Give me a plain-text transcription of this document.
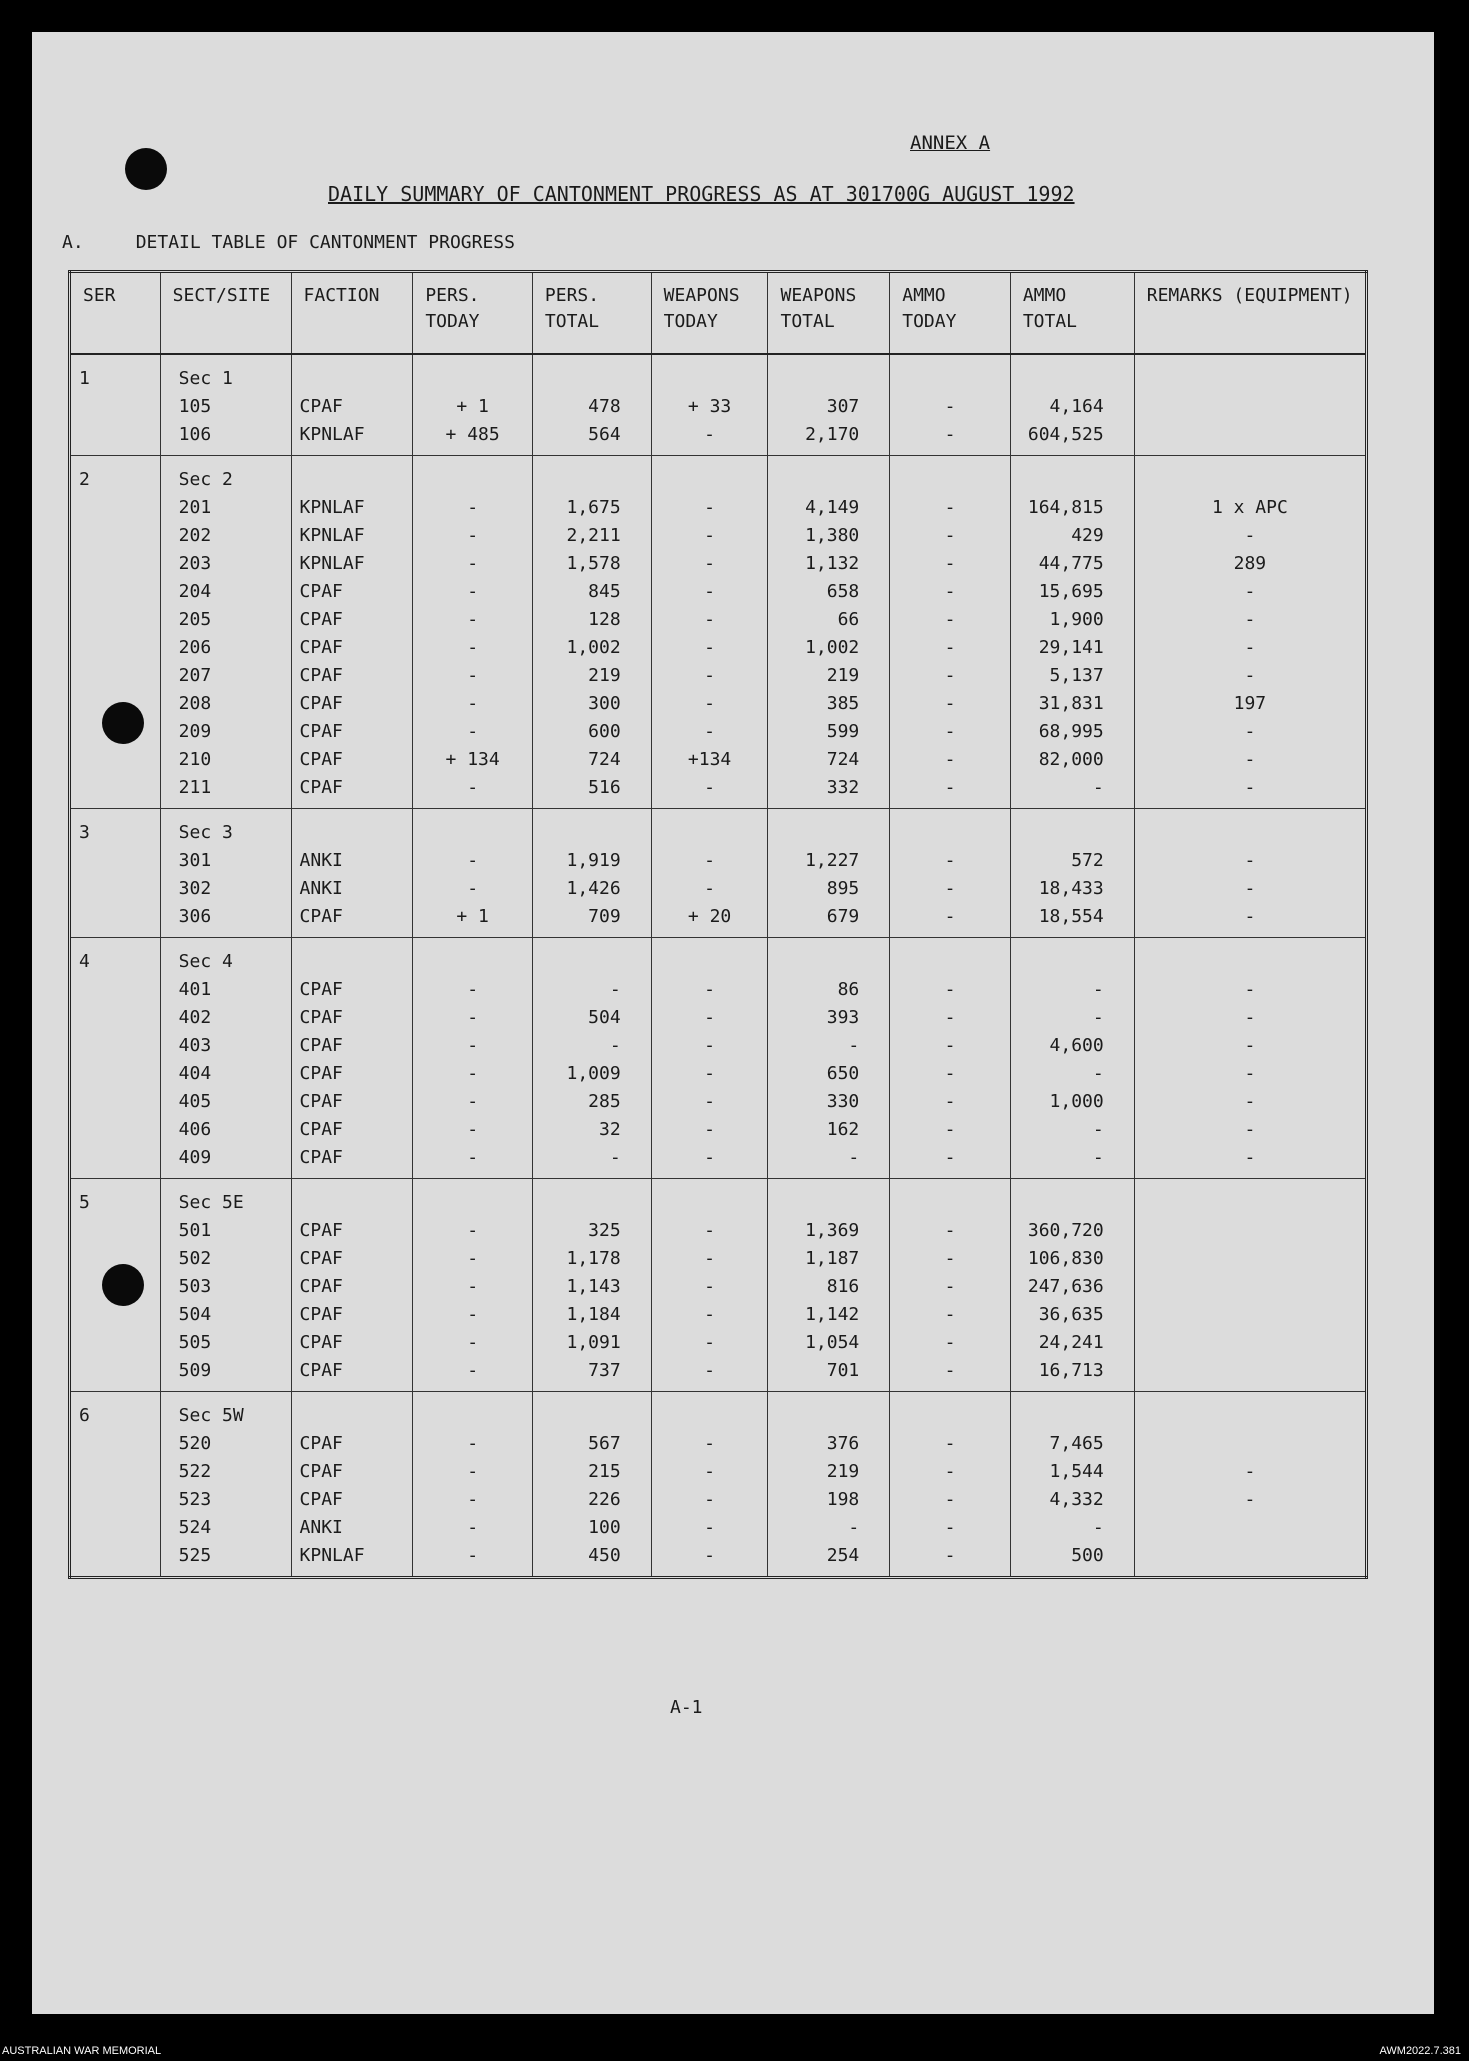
ANNEX A
DAILY SUMMARY OF CANTONMENT PROGRESS AS AT 301700G AUGUST 1992
A.	DETAIL TABLE OF CANTONMENT PROGRESS
SER	SECT/SITE	FACTION	PERS. TODAY	PERS. TOTAL	WEAPONS TODAY	WEAPONS TOTAL	AMMO TODAY	AMMO TOTAL	REMARKS (EQUIPMENT)
1	Sec 1								
	105	CPAF	+ 1	478	+ 33	307	-	4,164	
	106	KPNLAF	+ 485	564	-	2,170	-	604,525	
2	Sec 2								
	201	KPNLAF	-	1,675	-	4,149	-	164,815	1 x APC
	202	KPNLAF	-	2,211	-	1,380	-	429	-
	203	KPNLAF	-	1,578	-	1,132	-	44,775	289
	204	CPAF	-	845	-	658	-	15,695	-
	205	CPAF	-	128	-	66	-	1,900	-
	206	CPAF	-	1,002	-	1,002	-	29,141	-
	207	CPAF	-	219	-	219	-	5,137	-
	208	CPAF	-	300	-	385	-	31,831	197
	209	CPAF	-	600	-	599	-	68,995	-
	210	CPAF	+ 134	724	+134	724	-	82,000	-
	211	CPAF	-	516	-	332	-	-	-
3	Sec 3								
	301	ANKI	-	1,919	-	1,227	-	572	-
	302	ANKI	-	1,426	-	895	-	18,433	-
	306	CPAF	+ 1	709	+ 20	679	-	18,554	-
4	Sec 4								
	401	CPAF	-	-	-	86	-	-	-
	402	CPAF	-	504	-	393	-	-	-
	403	CPAF	-	-	-	-	-	4,600	-
	404	CPAF	-	1,009	-	650	-	-	-
	405	CPAF	-	285	-	330	-	1,000	-
	406	CPAF	-	32	-	162	-	-	-
	409	CPAF	-	-	-	-	-	-	-
5	Sec 5E								
	501	CPAF	-	325	-	1,369	-	360,720	
	502	CPAF	-	1,178	-	1,187	-	106,830	
	503	CPAF	-	1,143	-	816	-	247,636	
	504	CPAF	-	1,184	-	1,142	-	36,635	
	505	CPAF	-	1,091	-	1,054	-	24,241	
	509	CPAF	-	737	-	701	-	16,713	
6	Sec 5W								
	520	CPAF	-	567	-	376	-	7,465	
	522	CPAF	-	215	-	219	-	1,544	-
	523	CPAF	-	226	-	198	-	4,332	-
	524	ANKI	-	100	-	-	-	-	
	525	KPNLAF	-	450	-	254	-	500	
A-1
AUSTRALIAN WAR MEMORIAL	AWM2022.7.381
